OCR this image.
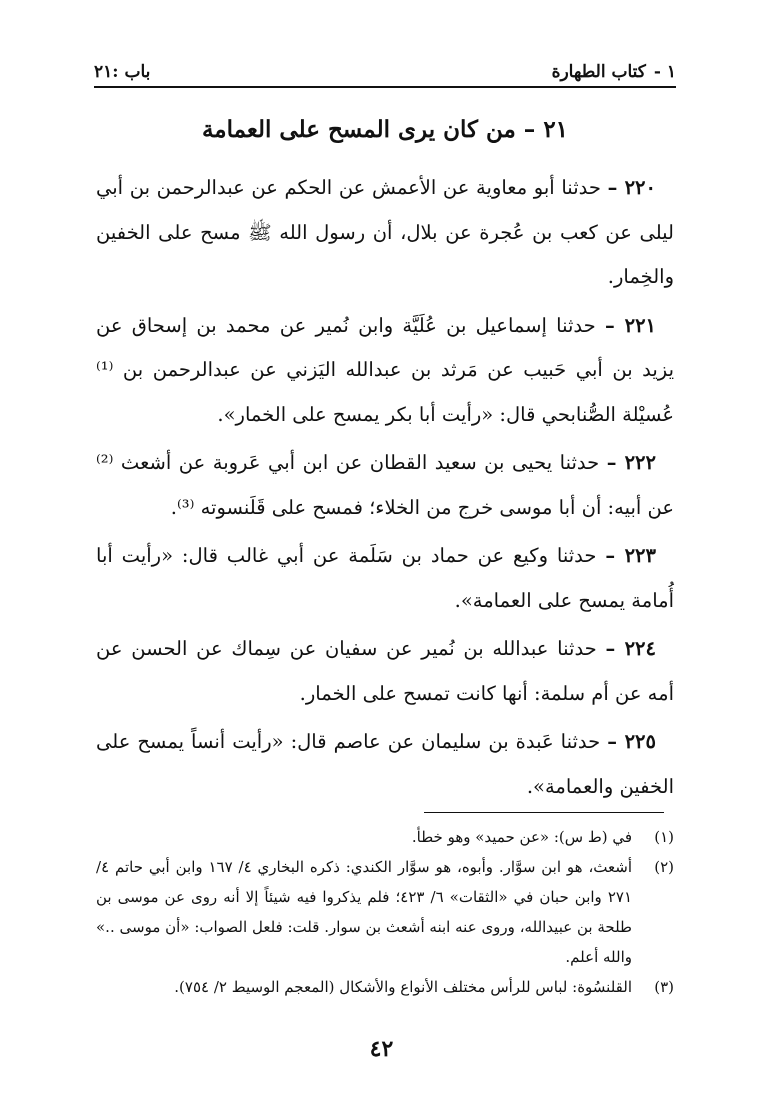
١ -
كتاب الطهارة
باب :٢١
٢١ – من كان يرى المسح على العمامة

٢٢٠ – حدثنا أبو معاوية عن الأعمش عن الحكم عن عبدالرحمن بن أبي ليلى عن كعب بن عُجرة عن بلال، أن رسول الله ﷺ مسح على الخفين والخِمار.

٢٢١ – حدثنا إسماعيل بن عُلَيَّة وابن نُمير عن محمد بن إسحاق عن يزيد بن أبي حَبيب عن مَرثد بن عبدالله اليَزني عن عبدالرحمن بن ⁽¹⁾ عُسيْلة الصُّنابحي قال: «رأيت أبا بكر يمسح على الخمار».

٢٢٢ – حدثنا يحيى بن سعيد القطان عن ابن أبي عَروبة عن أشعث ⁽²⁾ عن أبيه: أن أبا موسى خرج من الخلاء؛ فمسح على قَلَنسوته ⁽³⁾.

٢٢٣ – حدثنا وكيع عن حماد بن سَلَمة عن أبي غالب قال: «رأيت أبا أُمامة يمسح على العمامة».

٢٢٤ – حدثنا عبدالله بن نُمير عن سفيان عن سِماك عن الحسن عن أمه عن أم سلمة: أنها كانت تمسح على الخمار.

٢٢٥ – حدثنا عَبدة بن سليمان عن عاصم قال: «رأيت أنساً يمسح على الخفين والعمامة».

(١)
في (ط س): «عن حميد» وهو خطأ.
(٢)
أشعث، هو ابن سوَّار. وأبوه، هو سوَّار الكندي: ذكره البخاري ٤/ ١٦٧ وابن أبي حاتم ٤/ ٢٧١ وابن حبان في «الثقات» ٦/ ٤٢٣؛ فلم يذكروا فيه شيئاً إلا أنه روى عن موسى بن طلحة بن عبيدالله، وروى عنه ابنه أشعث بن سوار. قلت: فلعل الصواب: «أن موسى ..» والله أعلم.
(٣)
القلنسُوة: لباس للرأس مختلف الأنواع والأشكال (المعجم الوسيط ٢/ ٧٥٤).
٤٢
